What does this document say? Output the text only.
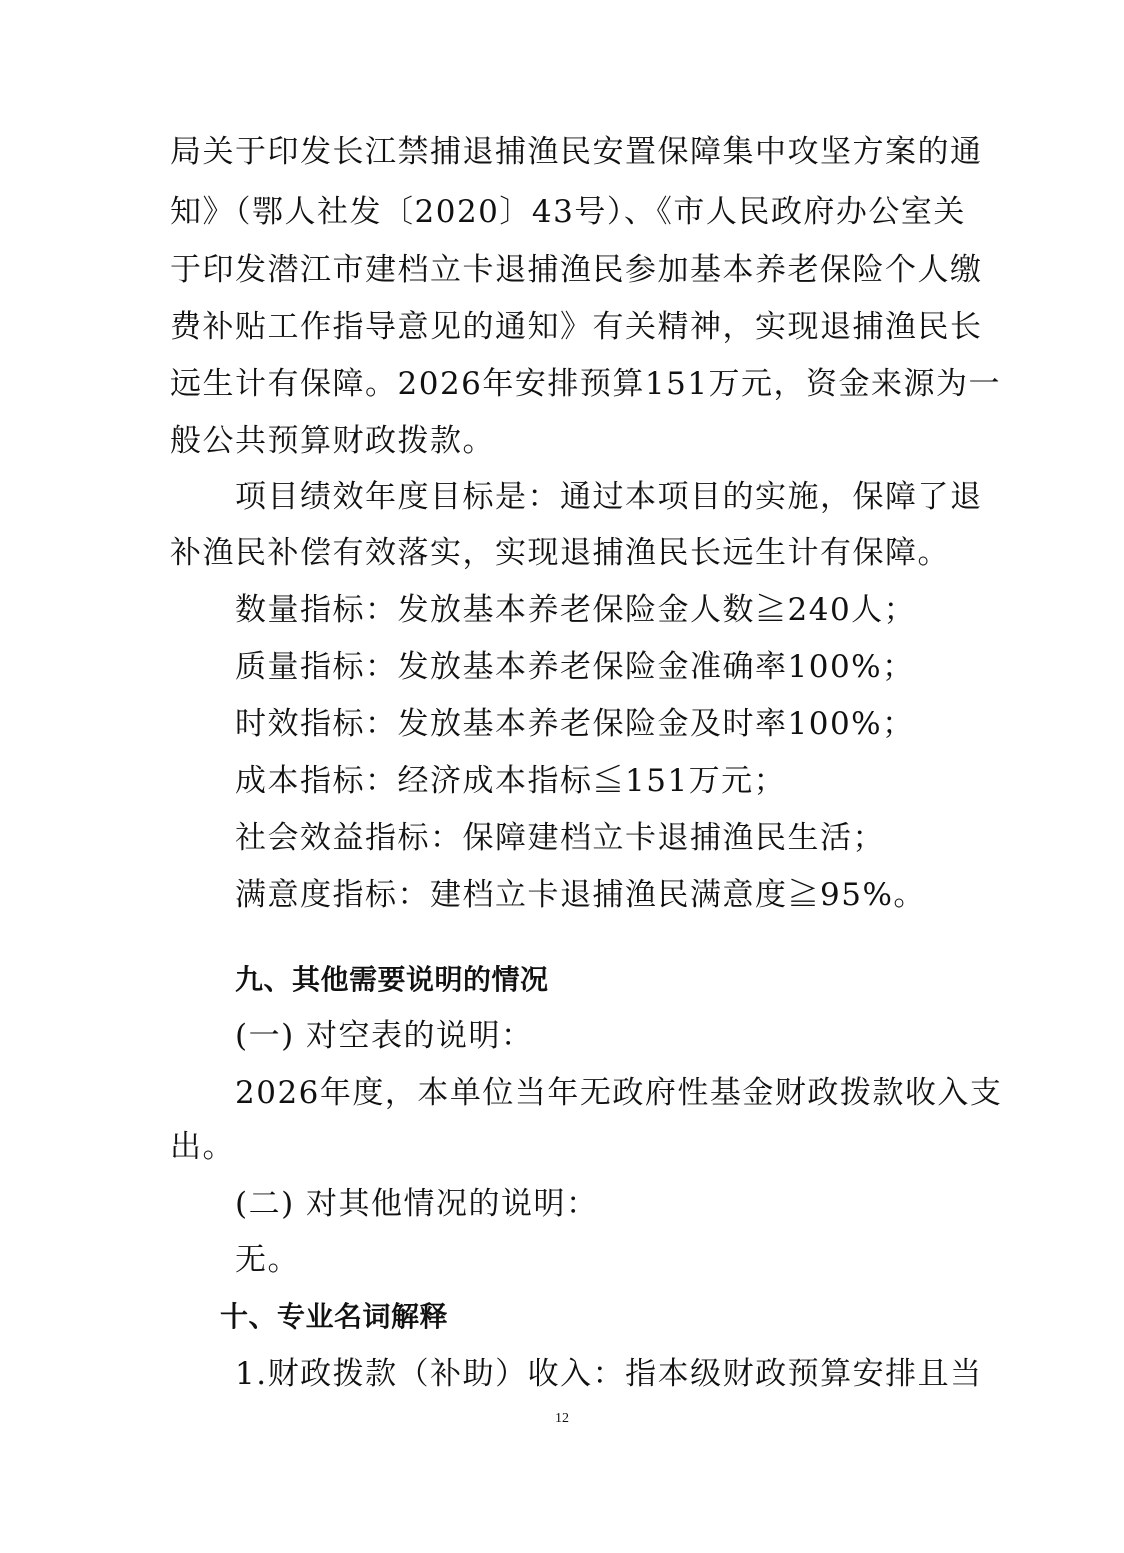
局关于印发长江禁捕退捕渔民安置保障集中攻坚方案的通
知》（鄂人社发〔2020〕43号）、《市人民政府办公室关
于印发潜江市建档立卡退捕渔民参加基本养老保险个人缴
费补贴工作指导意见的通知》有关精神，实现退捕渔民长
远生计有保障。2026年安排预算151万元，资金来源为一
般公共预算财政拨款。
项目绩效年度目标是：通过本项目的实施，保障了退
补渔民补偿有效落实，实现退捕渔民长远生计有保障。
数量指标：发放基本养老保险金人数≧240人；
质量指标：发放基本养老保险金准确率100%；
时效指标：发放基本养老保险金及时率100%；
成本指标：经济成本指标≦151万元；
社会效益指标：保障建档立卡退捕渔民生活；
满意度指标：建档立卡退捕渔民满意度≧95%。
九、其他需要说明的情况
(一) 对空表的说明：
2026年度，本单位当年无政府性基金财政拨款收入支
出。
(二) 对其他情况的说明：
无。
十、专业名词解释
1.财政拨款（补助）收入：指本级财政预算安排且当
12
